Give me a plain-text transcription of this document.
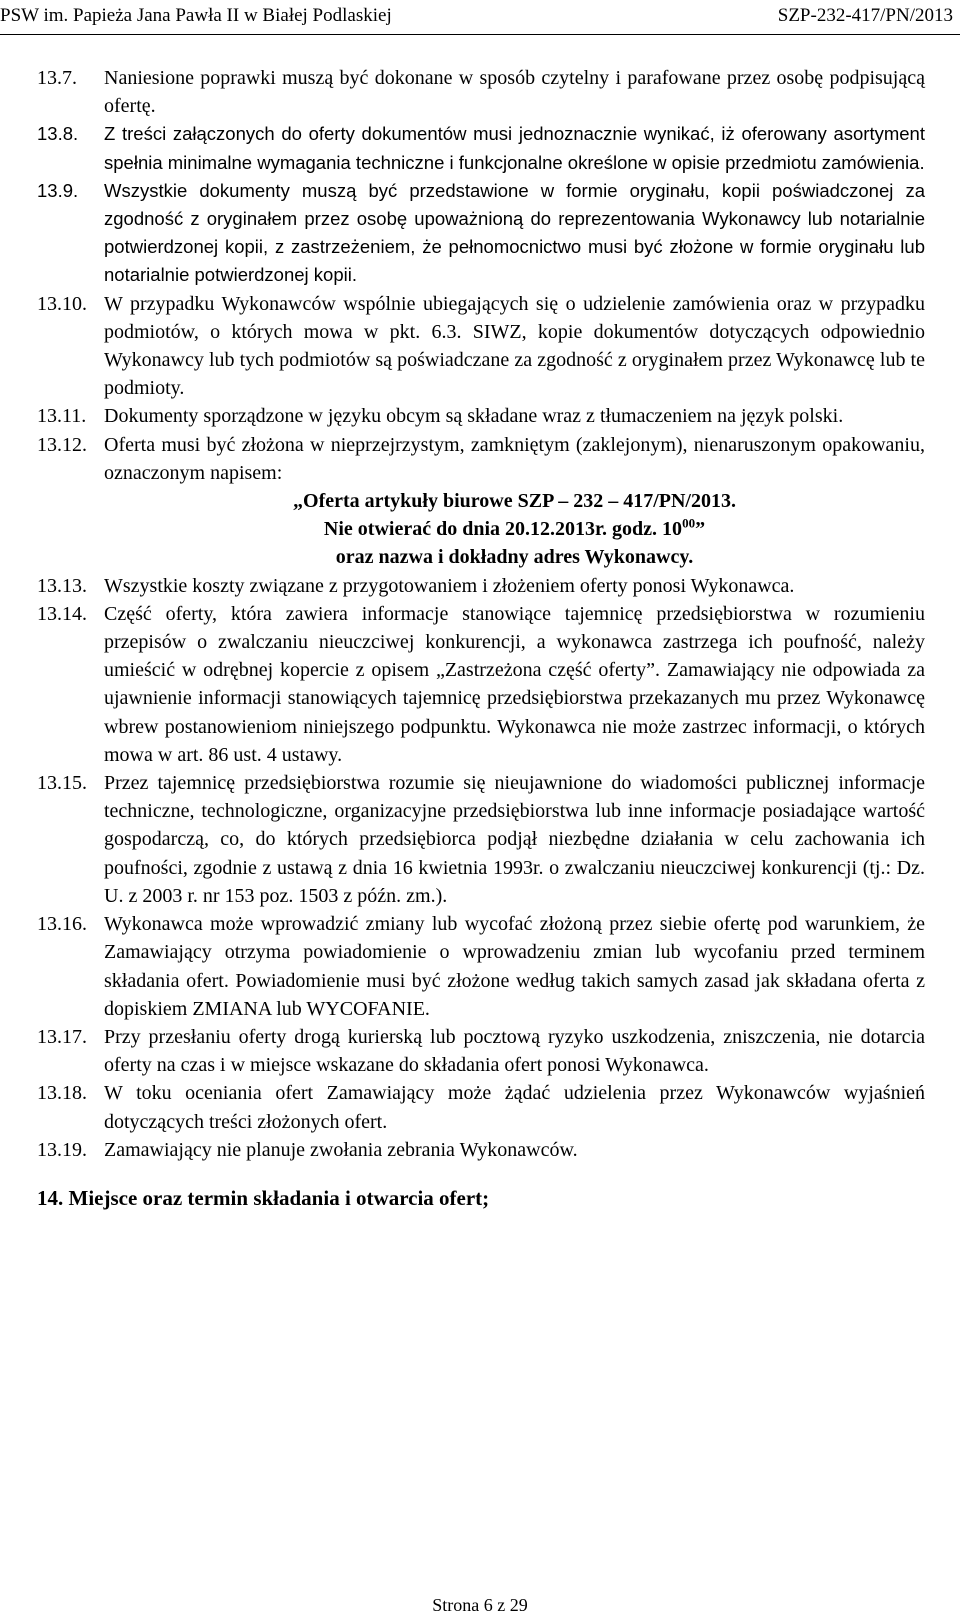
PSW im. Papieża Jana Pawła II w Białej Podlaskiej	SZP-232-417/PN/2013
13.7.	Naniesione poprawki muszą być dokonane w sposób czytelny i parafowane przez osobę podpisującą ofertę.
13.8.	Z treści załączonych do oferty dokumentów musi jednoznacznie wynikać, iż oferowany asortyment spełnia minimalne wymagania techniczne i funkcjonalne określone w opisie przedmiotu zamówienia.
13.9.	Wszystkie dokumenty muszą być przedstawione w formie oryginału, kopii poświadczonej za zgodność z oryginałem przez osobę upoważnioną do reprezentowania Wykonawcy lub notarialnie potwierdzonej kopii, z zastrzeżeniem, że pełnomocnictwo musi być złożone w formie oryginału lub notarialnie potwierdzonej kopii.
13.10. W przypadku Wykonawców wspólnie ubiegających się o udzielenie zamówienia oraz w przypadku podmiotów, o których mowa w pkt. 6.3. SIWZ, kopie dokumentów dotyczących odpowiednio Wykonawcy lub tych podmiotów są poświadczane za zgodność z oryginałem przez Wykonawcę lub te podmioty.
13.11. Dokumenty sporządzone w języku obcym są składane wraz z tłumaczeniem na język polski.
13.12. Oferta musi być złożona w nieprzejrzystym, zamkniętym (zaklejonym), nienaruszonym opakowaniu, oznaczonym napisem:
„Oferta artykuły biurowe SZP – 232 – 417/PN/2013.
Nie otwierać do dnia 20.12.2013r. godz. $10^{00}$”
oraz nazwa i dokładny adres Wykonawcy.
13.13. Wszystkie koszty związane z przygotowaniem i złożeniem oferty ponosi Wykonawca.
13.14. Część oferty, która zawiera informacje stanowiące tajemnicę przedsiębiorstwa w rozumieniu przepisów o zwalczaniu nieuczciwej konkurencji, a wykonawca zastrzega ich poufność, należy umieścić w odrębnej kopercie z opisem „Zastrzeżona część oferty”. Zamawiający nie odpowiada za ujawnienie informacji stanowiących tajemnicę przedsiębiorstwa przekazanych mu przez Wykonawcę wbrew postanowieniom niniejszego podpunktu. Wykonawca nie może zastrzec informacji, o których mowa w art. 86 ust. 4 ustawy.
13.15. Przez tajemnicę przedsiębiorstwa rozumie się nieujawnione do wiadomości publicznej informacje techniczne, technologiczne, organizacyjne przedsiębiorstwa lub inne informacje posiadające wartość gospodarczą, co, do których przedsiębiorca podjął niezbędne działania w celu zachowania ich poufności, zgodnie z ustawą z dnia 16 kwietnia 1993r. o zwalczaniu nieuczciwej konkurencji (tj.: Dz. U. z 2003 r. nr 153 poz. 1503 z późn. zm.).
13.16. Wykonawca może wprowadzić zmiany lub wycofać złożoną przez siebie ofertę pod warunkiem, że Zamawiający otrzyma powiadomienie o wprowadzeniu zmian lub wycofaniu przed terminem składania ofert. Powiadomienie musi być złożone według takich samych zasad jak składana oferta z dopiskiem ZMIANA lub WYCOFANIE.
13.17. Przy przesłaniu oferty drogą kurierską lub pocztową ryzyko uszkodzenia, zniszczenia, nie dotarcia oferty na czas i w miejsce wskazane do składania ofert ponosi Wykonawca.
13.18. W toku oceniania ofert Zamawiający może żądać udzielenia przez Wykonawców wyjaśnień dotyczących treści złożonych ofert.
13.19. Zamawiający nie planuje zwołania zebrania Wykonawców.
14. Miejsce oraz termin składania i otwarcia ofert;
Strona 6 z 29
